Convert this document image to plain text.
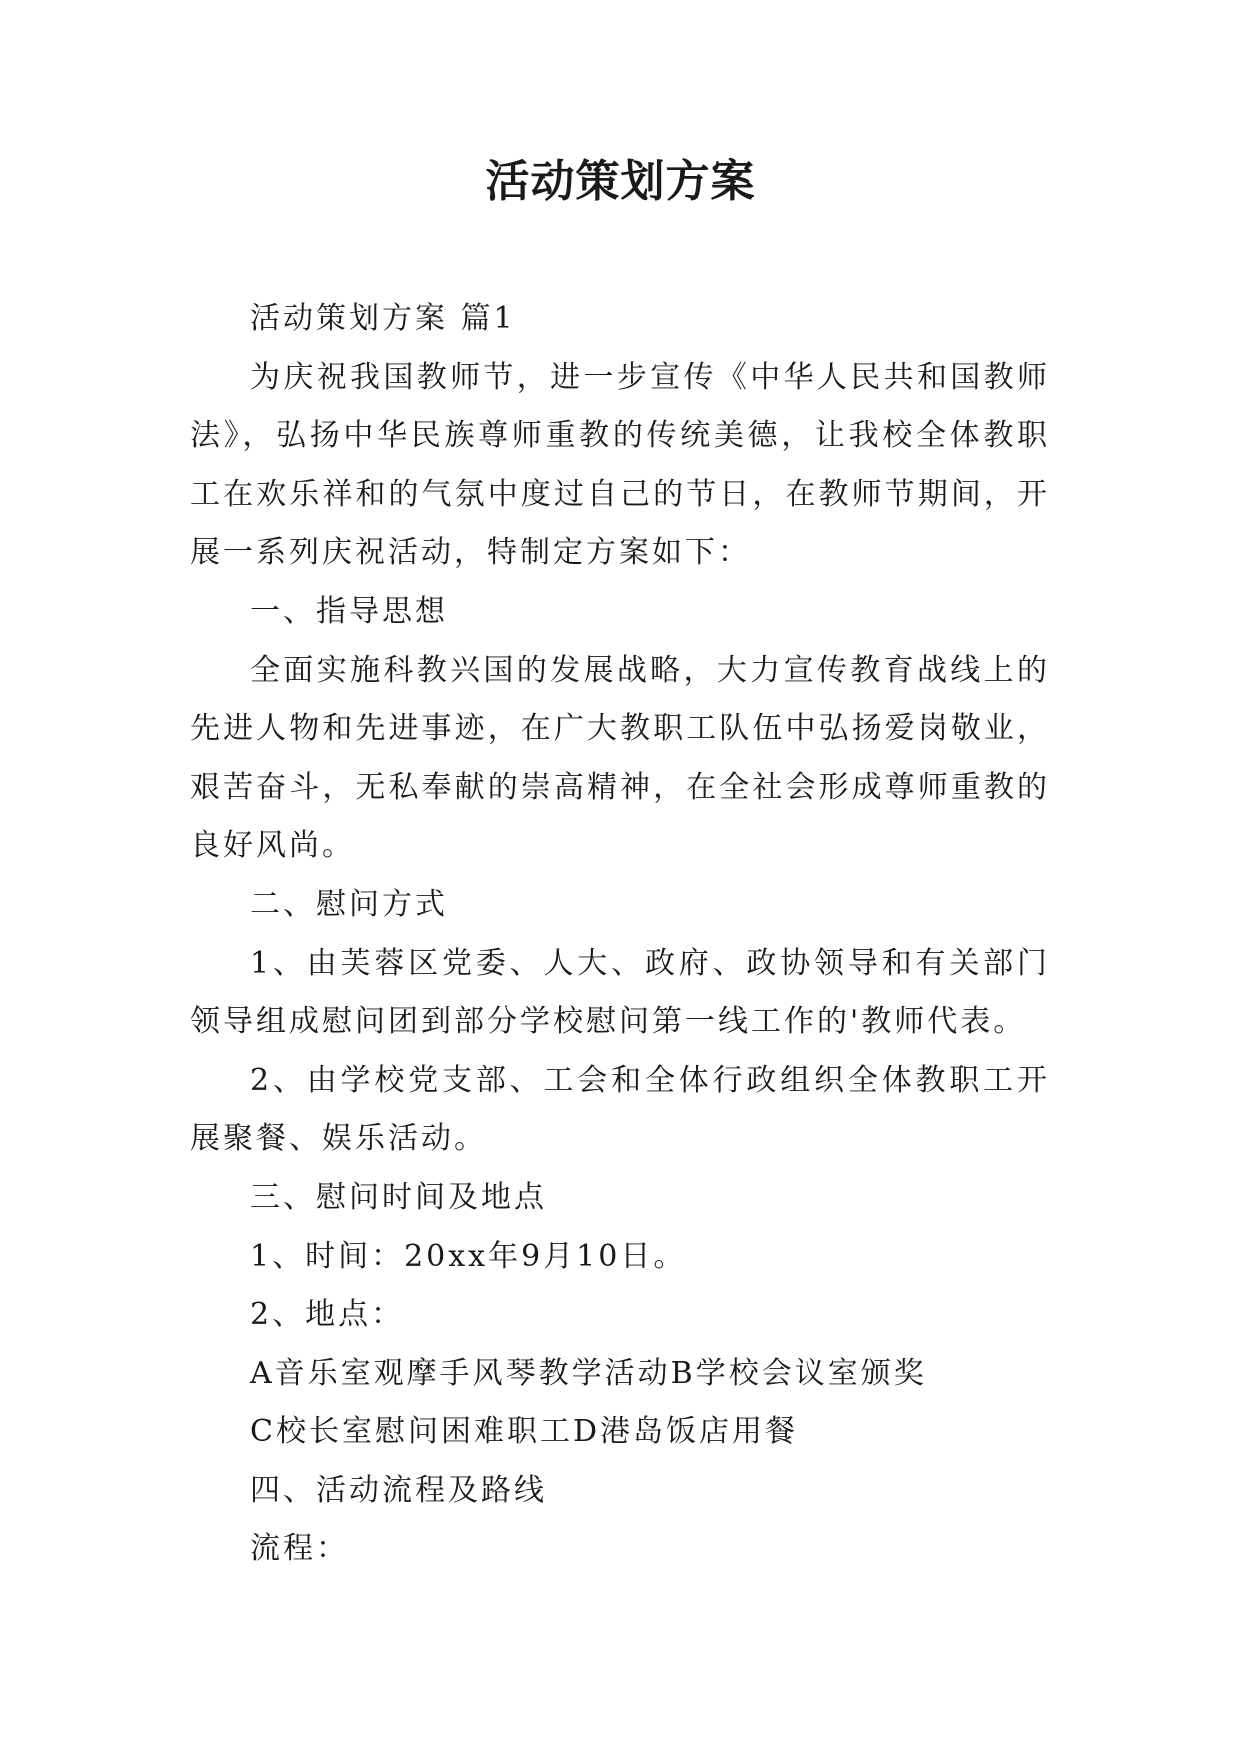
活动策划方案

活动策划方案 篇1

为庆祝我国教师节，进一步宣传《中华人民共和国教师法》，弘扬中华民族尊师重教的传统美德，让我校全体教职工在欢乐祥和的气氛中度过自己的节日，在教师节期间，开展一系列庆祝活动，特制定方案如下：

一、指导思想

全面实施科教兴国的发展战略，大力宣传教育战线上的先进人物和先进事迹，在广大教职工队伍中弘扬爱岗敬业，艰苦奋斗，无私奉献的崇高精神，在全社会形成尊师重教的良好风尚。

二、慰问方式

1、由芙蓉区党委、人大、政府、政协领导和有关部门领导组成慰问团到部分学校慰问第一线工作的'教师代表。

2、由学校党支部、工会和全体行政组织全体教职工开展聚餐、娱乐活动。

三、慰问时间及地点

1、时间：20xx年9月10日。

2、地点：

A音乐室观摩手风琴教学活动B学校会议室颁奖

C校长室慰问困难职工D港岛饭店用餐

四、活动流程及路线

流程：
